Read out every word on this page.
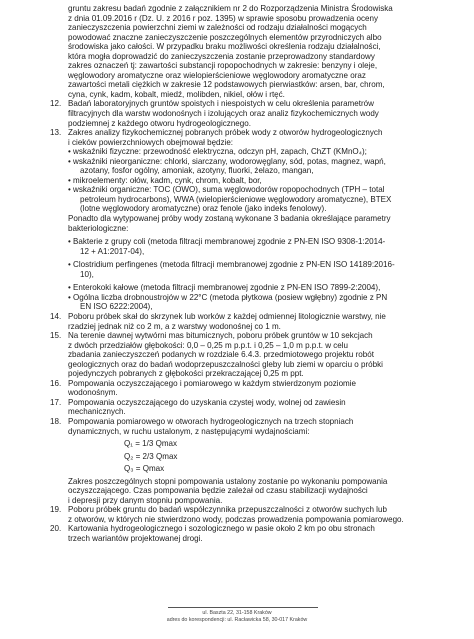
gruntu zakresu badań zgodnie z załącznikiem nr 2 do Rozporządzenia Ministra Środowiska

z dnia 01.09.2016 r (Dz. U. z 2016 r poz. 1395) w sprawie sposobu prowadzenia oceny

zanieczyszczenia powierzchni ziemi w zależności od rodzaju działalności mogących

powodować znaczne zanieczyszczenie poszczególnych elementów przyrodniczych albo

środowiska jako całości. W przypadku braku możliwości określenia rodzaju działalności,

która mogła doprowadzić do zanieczyszczenia zostanie przeprowadzony standardowy

zakres oznaczeń tj: zawartości substancji ropopochodnych w zakresie: benzyny i oleje,

węglowodory aromatyczne oraz wielopierścieniowe węglowodory aromatyczne oraz

zawartości metali ciężkich w zakresie 12 podstawowych pierwiastków: arsen, bar, chrom,

cyna, cynk, kadm, kobalt, miedź, molibden, nikiel, ołów i rtęć.

12. Badań laboratoryjnych gruntów spoistych i niespoistych w celu określenia parametrów

filtracyjnych dla warstw wodonośnych i izolujących oraz analiz fizykochemicznych wody

podziemnej z każdego otworu hydrogeologicznego.

13. Zakres analizy fizykochemicznej pobranych próbek wody z otworów hydrogeologicznych

i cieków powierzchniowych obejmował będzie:

• wskaźniki fizyczne: przewodność elektryczna, odczyn pH, zapach, ChZT (KMnO₄);

• wskaźniki nieorganiczne: chlorki, siarczany, wodorowęglany, sód, potas, magnez, wapń,

azotany, fosfor ogólny, amoniak, azotyny, fluorki, żelazo, mangan,

• mikroelementy: ołów, kadm, cynk, chrom, kobalt, bor,

• wskaźniki organiczne: TOC (OWO), suma węglowodorów ropopochodnych (TPH – total

petroleum hydrocarbons), WWA (wielopierścieniowe węglowodory aromatyczne), BTEX

(lotne węglowodory aromatyczne) oraz fenole (jako indeks fenolowy).

Ponadto dla wytypowanej próby wody zostaną wykonane 3 badania określające parametry

bakteriologiczne:

• Bakterie z grupy coli (metoda filtracji membranowej zgodnie z PN-EN ISO 9308-1:2014-

12 + A1:2017-04),

• Clostridium perfingenes (metoda filtracji membranowej zgodnie z PN-EN ISO 14189:2016-

10),

• Enterokoki kałowe (metoda filtracji membranowej zgodnie z PN-EN ISO 7899-2:2004),

• Ogólna liczba drobnoustrojów w 22°C (metoda płytkowa (posiew wgłębny) zgodnie z PN

EN ISO 6222:2004),

14. Poboru próbek skał do skrzynek lub worków z każdej odmiennej litologicznie warstwy, nie

rzadziej jednak niż co 2 m, a z warstwy wodonośnej co 1 m.

15. Na terenie dawnej wytwórni mas bitumicznych, poboru próbek gruntów w 10 sekcjach

z dwóch przedziałów głębokości: 0,0 – 0,25 m p.p.t. i 0,25 – 1,0 m p.p.t. w celu

zbadania zanieczyszczeń podanych w rozdziale 6.4.3. przedmiotowego projektu robót

geologicznych oraz do badań wodoprzepuszczalności gleby lub ziemi w oparciu o próbki

pojedynczych pobranych z głębokości przekraczającej 0,25 m ppt.

16. Pompowania oczyszczającego i pomiarowego w każdym stwierdzonym poziomie

wodonośnym.

17. Pompowania oczyszczającego do uzyskania czystej wody, wolnej od zawiesin

mechanicznych.

18. Pompowania pomiarowego w otworach hydrogeologicznych na trzech stopniach

dynamicznych, w ruchu ustalonym, z następującymi wydajnościami:

Q₁ = 1/3 Qmax

Q₂ = 2/3 Qmax

Q₃ = Qmax

Zakres poszczególnych stopni pompowania ustalony zostanie po wykonaniu pompowania

oczyszczającego. Czas pompowania będzie zależał od czasu stabilizacji wydajności

i depresji przy danym stopniu pompowania.

19. Poboru próbek gruntu do badań współczynnika przepuszczalności z otworów suchych lub

z otworów, w których nie stwierdzono wody, podczas prowadzenia pompowania pomiarowego.

20. Kartowania hydrogeologicznego i sozologicznego w pasie około 2 km po obu stronach

trzech wariantów projektowanej drogi.

ul. Baszta 22, 31-158 Kraków
adres do korespondencji: ul. Racławicka 58, 30-017 Kraków
